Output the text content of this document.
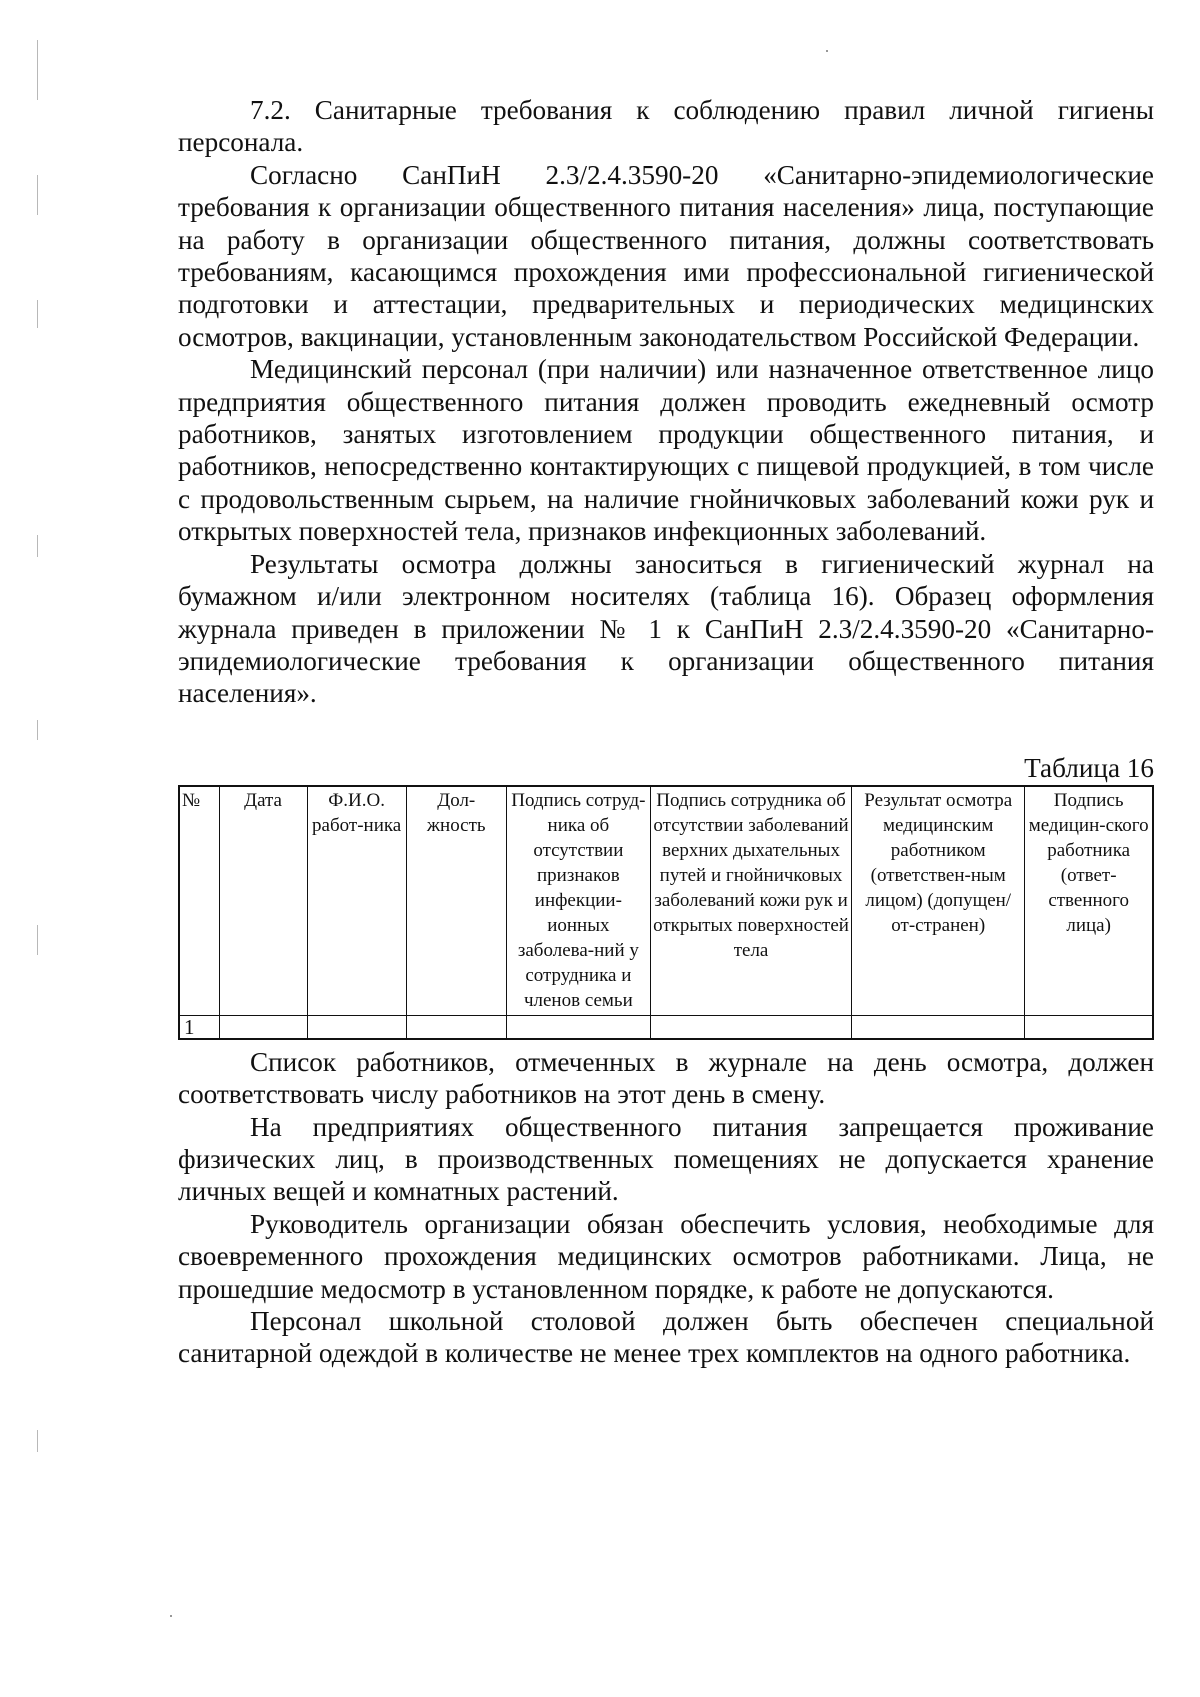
7.2. Санитарные требования к соблюдению правил личной гигиены персонала.

Согласно СанПиН 2.3/2.4.3590-20 «Санитарно-эпидемиологические требования к организации общественного питания населения» лица, поступающие на работу в организации общественного питания, должны соответствовать требованиям, касающимся прохождения ими профессиональной гигиенической подготовки и аттестации, предварительных и периодических медицинских осмотров, вакцинации, установленным законодательством Российской Федерации.

Медицинский персонал (при наличии) или назначенное ответственное лицо предприятия общественного питания должен проводить ежедневный осмотр работников, занятых изготовлением продукции общественного питания, и работников, непосредственно контактирующих с пищевой продукцией, в том числе с продовольственным сырьем, на наличие гнойничковых заболеваний кожи рук и открытых поверхностей тела, признаков инфекционных заболеваний.

Результаты осмотра должны заноситься в гигиенический журнал на бумажном и/или электронном носителях (таблица 16). Образец оформления журнала приведен в приложении № 1 к СанПиН 2.3/2.4.3590-20 «Санитарно-эпидемиологические требования к организации общественного питания населения».

Таблица 16
№	Дата	Ф.И.О. работ-ника	Дол-жность	Подпись сотруд-ника об отсутствии признаков инфекции-ионных заболева-ний у сотрудника и членов семьи	Подпись сотрудника об отсутствии заболеваний верхних дыхательных путей и гнойничковых заболеваний кожи рук и открытых поверхностей тела	Результат осмотра медицинским работником (ответствен-ным лицом) (допущен/от-странен)	Подпись медицин-ского работника (ответ-ственного лица)
1							

Список работников, отмеченных в журнале на день осмотра, должен соответствовать числу работников на этот день в смену.

На предприятиях общественного питания запрещается проживание физических лиц, в производственных помещениях не допускается хранение личных вещей и комнатных растений.

Руководитель организации обязан обеспечить условия, необходимые для своевременного прохождения медицинских осмотров работниками. Лица, не прошедшие медосмотр в установленном порядке, к работе не допускаются.

Персонал школьной столовой должен быть обеспечен специальной санитарной одеждой в количестве не менее трех комплектов на одного работника.
